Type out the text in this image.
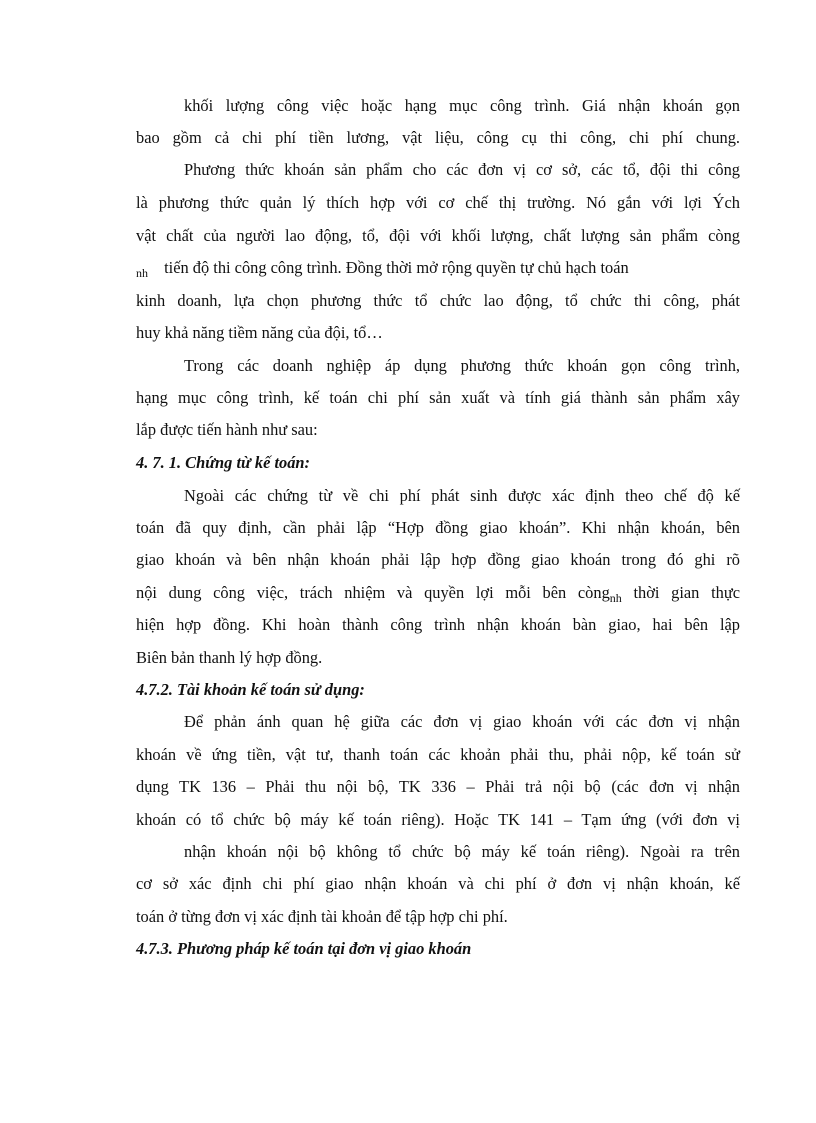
khối lượng công việc hoặc hạng mục công trình. Giá nhận khoán gọn
bao gồm cả chi phí tiền lương, vật liệu, công cụ thi công, chi phí chung.
Phương thức khoán sản phẩm cho các đơn vị cơ sở, các tổ, đội thi công
là phương thức quản lý thích hợp với cơ chế thị trường. Nó gắn với lợi Ých
vật chất của người lao động, tổ, đội với khối lượng, chất lượng sản phẩm còng
$_{nh}$ tiến độ thi công công trình. Đồng thời mở rộng quyền tự chủ hạch toán
kinh doanh, lựa chọn phương thức tổ chức lao động, tổ chức thi công, phát
huy khả năng tiềm năng của đội, tổ…
Trong các doanh nghiệp áp dụng phương thức khoán gọn công trình,
hạng mục công trình, kế toán chi phí sản xuất và tính giá thành sản phẩm xây
lắp được tiến hành như sau:
4. 7. 1. Chứng từ kế toán:
Ngoài các chứng từ về chi phí phát sinh được xác định theo chế độ kế
toán đã quy định, cần phải lập “Hợp đồng giao khoán”. Khi nhận khoán, bên
giao khoán và bên nhận khoán phải lập hợp đồng giao khoán trong đó ghi rõ
nội dung công việc, trách nhiệm và quyền lợi mỗi bên còng$_{nh}$ thời gian thực
hiện hợp đồng. Khi hoàn thành công trình nhận khoán bàn giao, hai bên lập
Biên bản thanh lý hợp đồng.
4.7.2. Tài khoản kế toán sử dụng:
Để phản ánh quan hệ giữa các đơn vị giao khoán với các đơn vị nhận
khoán về ứng tiền, vật tư, thanh toán các khoản phải thu, phải nộp, kế toán sử
dụng TK 136 – Phải thu nội bộ, TK 336 – Phải trả nội bộ (các đơn vị nhận
khoán có tổ chức bộ máy kế toán riêng). Hoặc TK 141 – Tạm ứng (với đơn vị
nhận khoán nội bộ không tổ chức bộ máy kế toán riêng). Ngoài ra trên
cơ sở xác định chi phí giao nhận khoán và chi phí ở đơn vị nhận khoán, kế
toán ở từng đơn vị xác định tài khoản để tập hợp chi phí.
4.7.3. Phương pháp kế toán tại đơn vị giao khoán
